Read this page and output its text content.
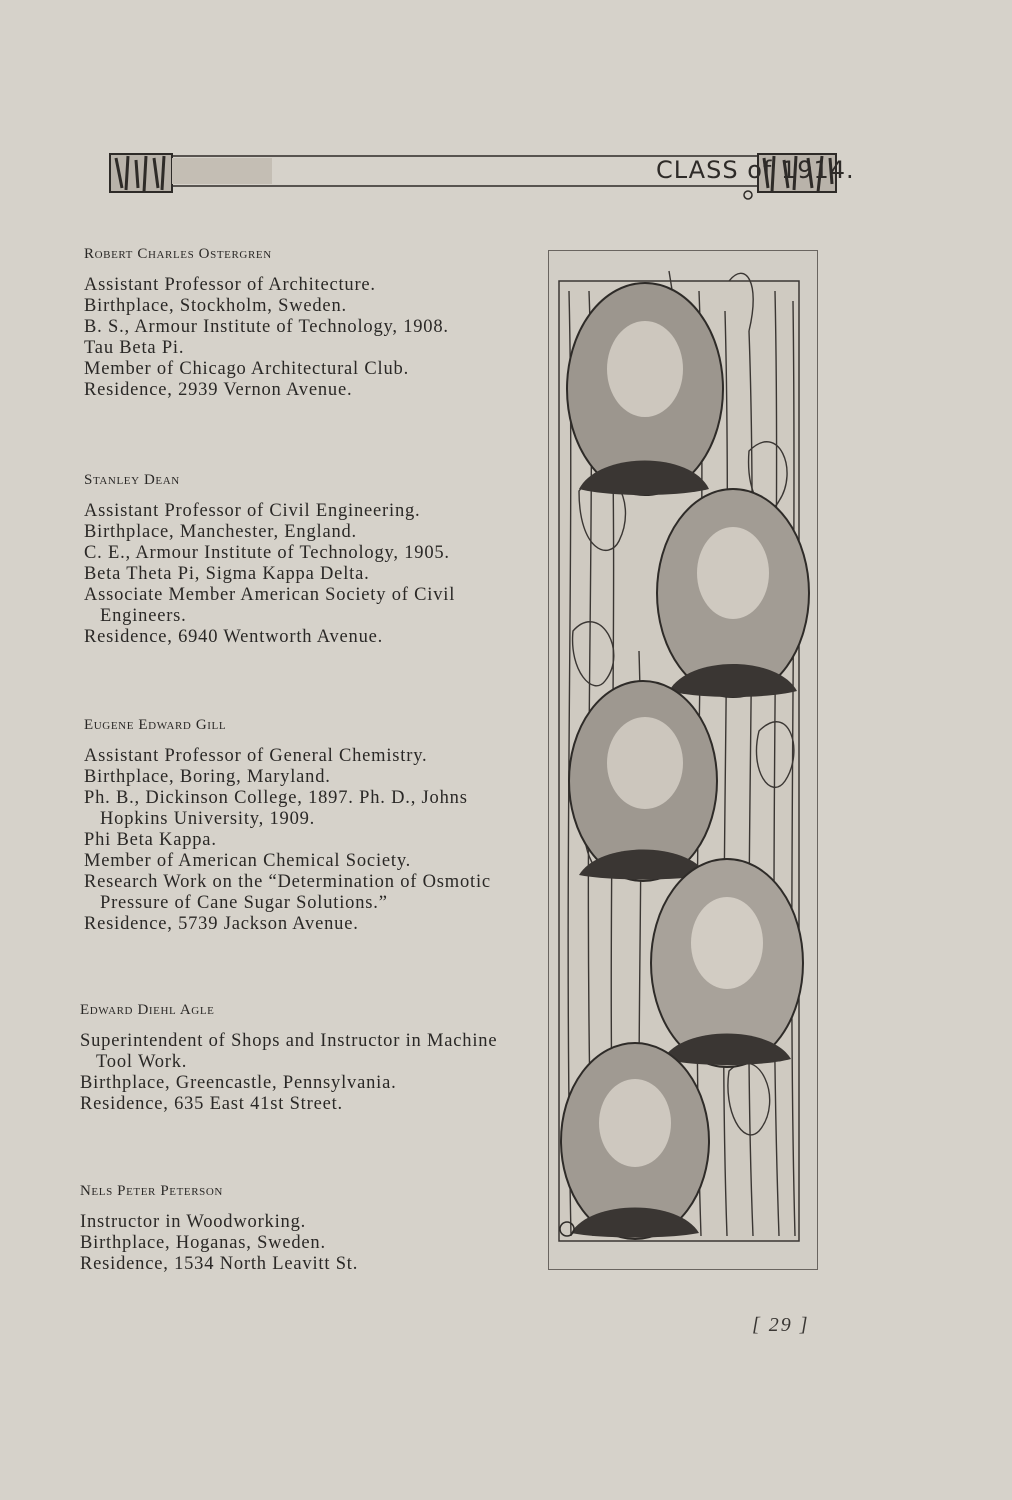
CLASS of 1914.
Robert Charles Ostergren
Assistant Professor of Architecture.
Birthplace, Stockholm, Sweden.
B. S., Armour Institute of Technology, 1908.
Tau Beta Pi.
Member of Chicago Architectural Club.
Residence, 2939 Vernon Avenue.
Stanley Dean
Assistant Professor of Civil Engineering.
Birthplace, Manchester, England.
C. E., Armour Institute of Technology, 1905.
Beta Theta Pi, Sigma Kappa Delta.
Associate Member American Society of Civil Engineers.
Residence, 6940 Wentworth Avenue.
Eugene Edward Gill
Assistant Professor of General Chemistry.
Birthplace, Boring, Maryland.
Ph. B., Dickinson College, 1897. Ph. D., Johns Hopkins University, 1909.
Phi Beta Kappa.
Member of American Chemical Society.
Research Work on the “Determination of Osmotic Pressure of Cane Sugar Solutions.”
Residence, 5739 Jackson Avenue.
Edward Diehl Agle
Superintendent of Shops and Instructor in Machine Tool Work.
Birthplace, Greencastle, Pennsylvania.
Residence, 635 East 41st Street.
Nels Peter Peterson
Instructor in Woodworking.
Birthplace, Hoganas, Sweden.
Residence, 1534 North Leavitt St.
[ 29 ]
